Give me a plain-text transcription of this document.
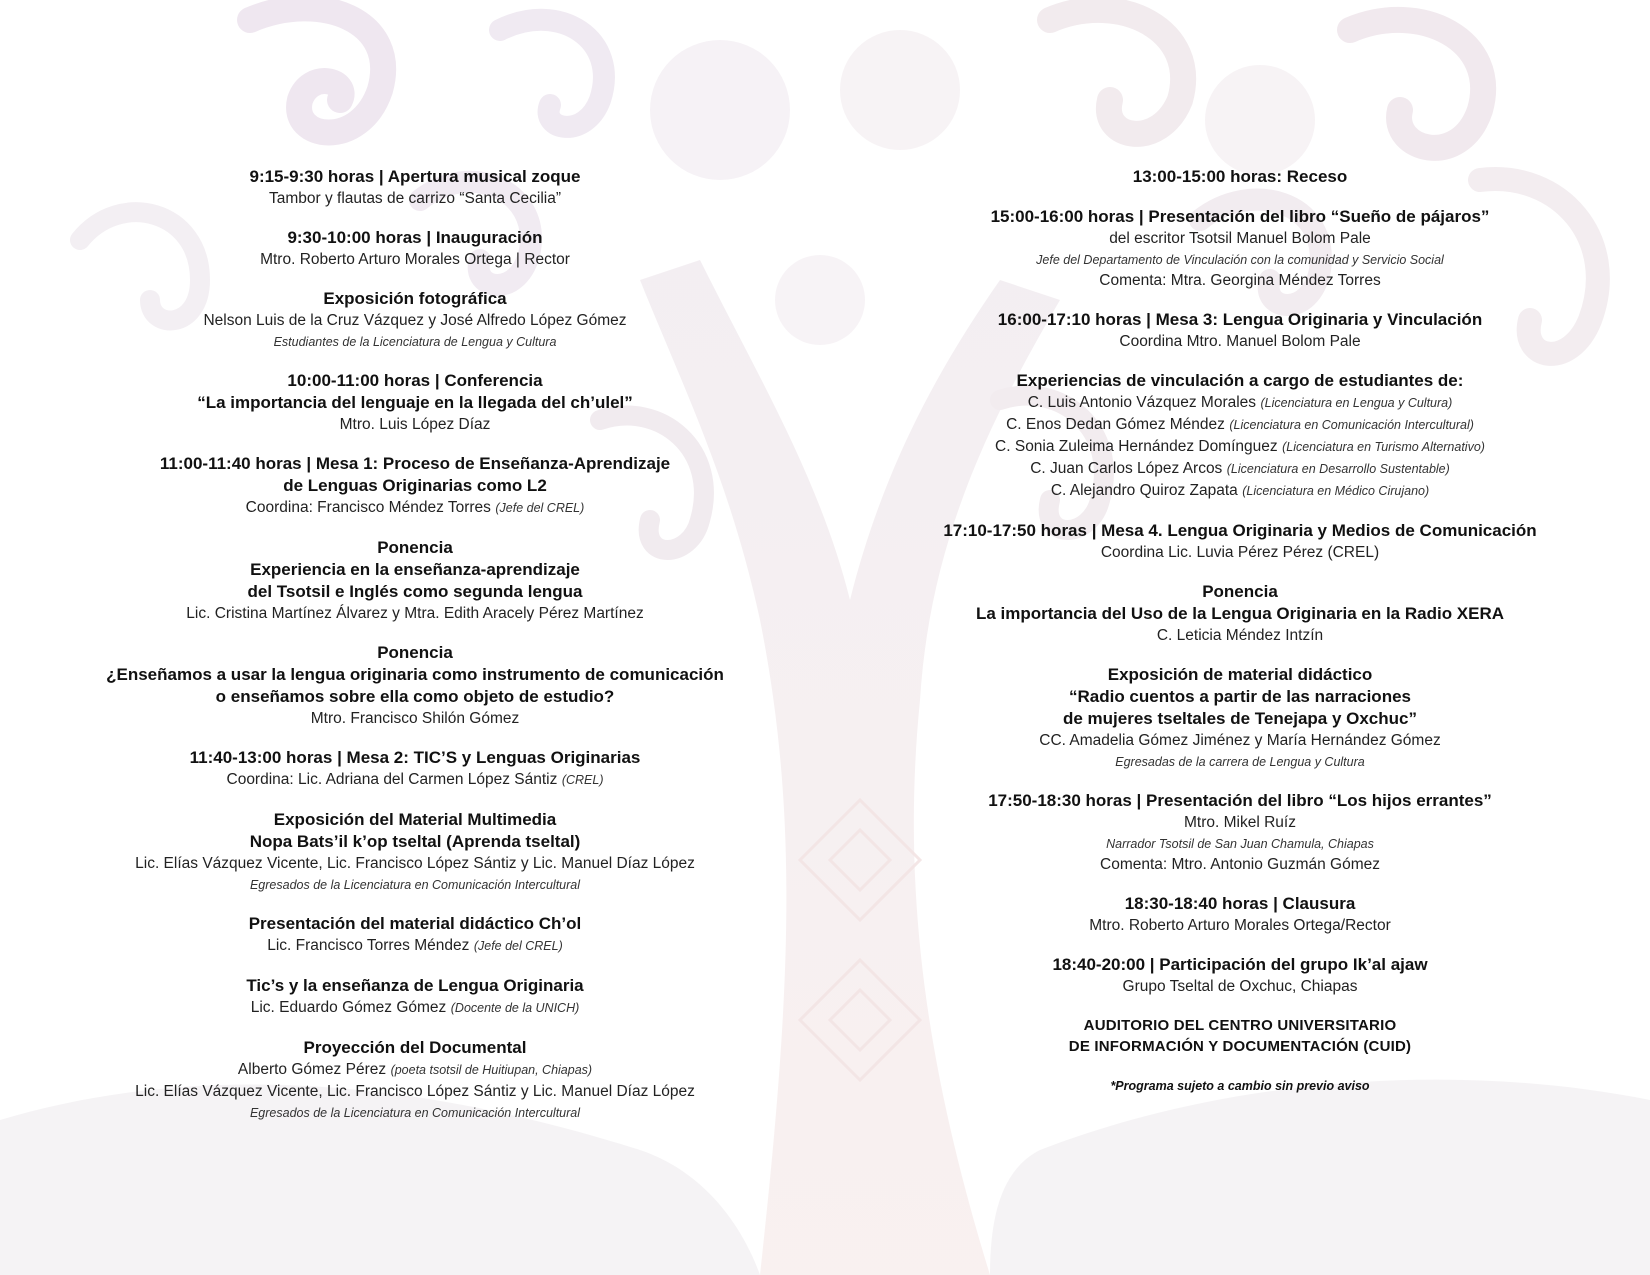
9:15-9:30 horas | Apertura musical zoque
Tambor y flautas de carrizo “Santa Cecilia”
9:30-10:00 horas | Inauguración
Mtro. Roberto Arturo Morales Ortega | Rector
Exposición fotográfica
Nelson Luis de la Cruz Vázquez y José Alfredo López Gómez
Estudiantes de la Licenciatura de Lengua y Cultura
10:00-11:00 horas | Conferencia
“La importancia del lenguaje en la llegada del ch’ulel”
Mtro. Luis López Díaz
11:00-11:40 horas | Mesa 1: Proceso de Enseñanza-Aprendizaje
de Lenguas Originarias como L2
Coordina: Francisco Méndez Torres (Jefe del CREL)
Ponencia
Experiencia en la enseñanza-aprendizaje
del Tsotsil e Inglés como segunda lengua
Lic. Cristina Martínez Álvarez y Mtra. Edith Aracely Pérez Martínez
Ponencia
¿Enseñamos a usar la lengua originaria como instrumento de comunicación
o enseñamos sobre ella como objeto de estudio?
Mtro. Francisco Shilón Gómez
11:40-13:00 horas | Mesa 2: TIC’S y Lenguas Originarias
Coordina: Lic. Adriana del Carmen López Sántiz (CREL)
Exposición del Material Multimedia
Nopa Bats’il k’op tseltal (Aprenda tseltal)
Lic. Elías Vázquez Vicente, Lic. Francisco López Sántiz y Lic. Manuel Díaz López
Egresados de la Licenciatura en Comunicación Intercultural
Presentación del material didáctico Ch’ol
Lic. Francisco Torres Méndez (Jefe del CREL)
Tic’s y la enseñanza de Lengua Originaria
Lic. Eduardo Gómez Gómez (Docente de la UNICH)
Proyección del Documental
Alberto Gómez Pérez (poeta tsotsil de Huitiupan, Chiapas)
Lic. Elías Vázquez Vicente, Lic. Francisco López Sántiz y Lic. Manuel Díaz López
Egresados de la Licenciatura en Comunicación Intercultural
13:00-15:00 horas: Receso
15:00-16:00 horas | Presentación del libro “Sueño de pájaros”
del escritor Tsotsil Manuel Bolom Pale
Jefe del Departamento de Vinculación con la comunidad y Servicio Social
Comenta: Mtra. Georgina Méndez Torres
16:00-17:10 horas | Mesa 3: Lengua Originaria y Vinculación
Coordina Mtro. Manuel Bolom Pale
Experiencias de vinculación a cargo de estudiantes de:
C. Luis Antonio Vázquez Morales (Licenciatura en Lengua y Cultura)
C. Enos Dedan Gómez Méndez (Licenciatura en Comunicación Intercultural)
C. Sonia Zuleima Hernández Domínguez (Licenciatura en Turismo Alternativo)
C. Juan Carlos López Arcos (Licenciatura en Desarrollo Sustentable)
C. Alejandro Quiroz Zapata (Licenciatura en Médico Cirujano)
17:10-17:50 horas | Mesa 4. Lengua Originaria y Medios de Comunicación
Coordina Lic. Luvia Pérez Pérez (CREL)
Ponencia
La importancia del Uso de la Lengua Originaria en la Radio XERA
C. Leticia Méndez Intzín
Exposición de material didáctico
“Radio cuentos a partir de las narraciones
de mujeres tseltales de Tenejapa y Oxchuc”
CC. Amadelia Gómez Jiménez y María Hernández Gómez
Egresadas de la carrera de Lengua y Cultura
17:50-18:30 horas | Presentación del libro “Los hijos errantes”
Mtro. Mikel Ruíz
Narrador Tsotsil de San Juan Chamula, Chiapas
Comenta: Mtro. Antonio Guzmán Gómez
18:30-18:40 horas | Clausura
Mtro. Roberto Arturo Morales Ortega/Rector
18:40-20:00 | Participación del grupo Ik’al ajaw
Grupo Tseltal de Oxchuc, Chiapas
AUDITORIO DEL CENTRO UNIVERSITARIO
DE INFORMACIÓN Y DOCUMENTACIÓN (CUID)
*Programa sujeto a cambio sin previo aviso
